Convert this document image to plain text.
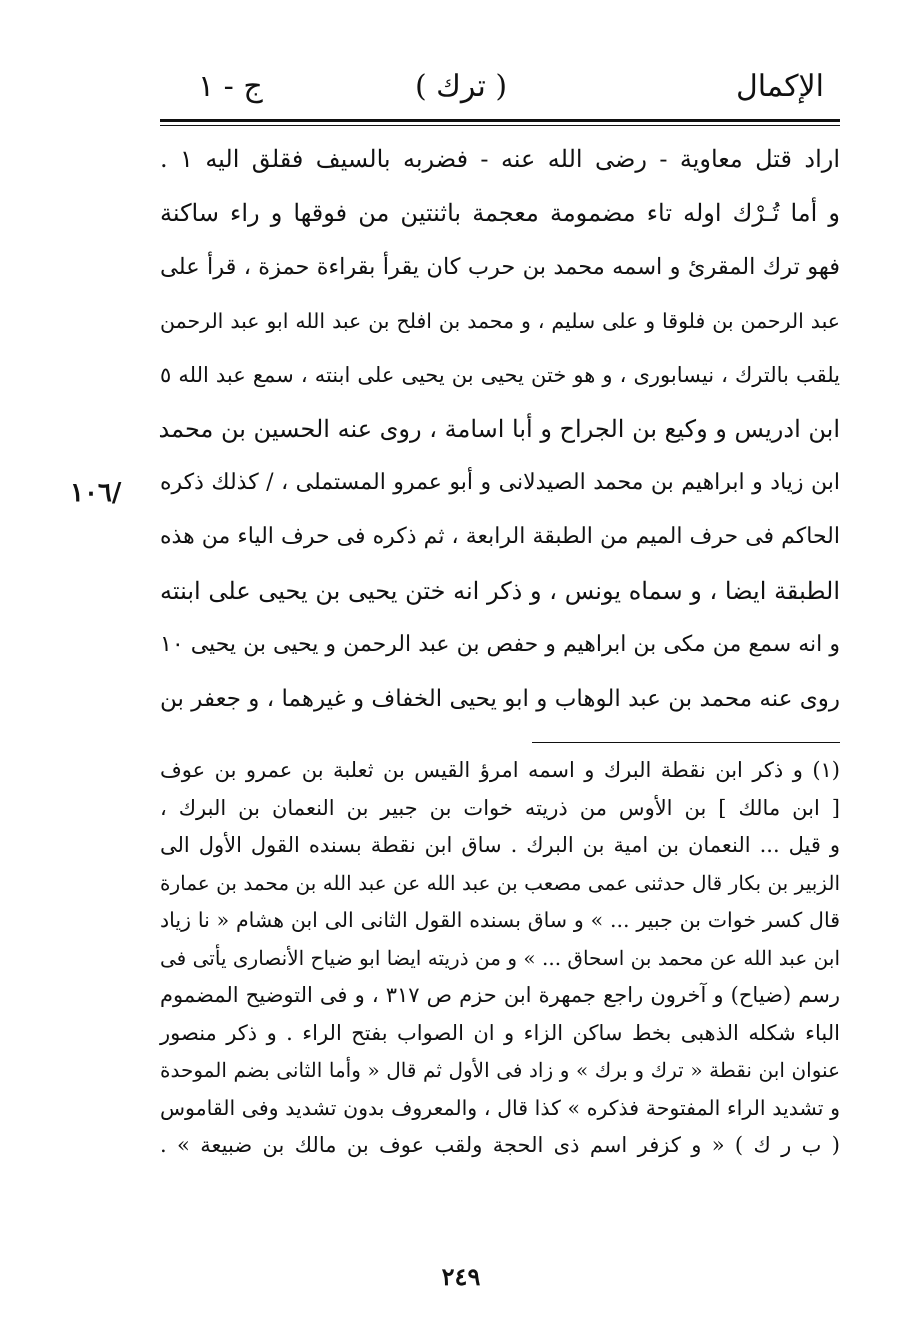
الإكمال
( ترك )
ج - ١
١٠٦/
اراد قتل معاوية - رضى الله عنه - فضربه بالسيف فقلق اليه ١ .
و أما تُـرْك اوله تاء مضمومة معجمة باثنتين من فوقها و راء ساكنة
فهو ترك المقرئ و اسمه محمد بن حرب كان يقرأ بقراءة حمزة ، قرأ على
عبد الرحمن بن فلوقا و على سليم ، و محمد بن افلح بن عبد الله ابو عبد الرحمن
يلقب بالترك ، نيسابورى ، و هو ختن يحيى بن يحيى على ابنته ، سمع عبد الله ٥
ابن ادريس و وكيع بن الجراح و أبا اسامة ، روى عنه الحسين بن محمد
ابن زياد و ابراهيم بن محمد الصيدلانى و أبو عمرو المستملى ، / كذلك ذكره
الحاكم فى حرف الميم من الطبقة الرابعة ، ثم ذكره فى حرف الياء من هذه
الطبقة ايضا ، و سماه يونس ، و ذكر انه ختن يحيى بن يحيى على ابنته
و انه سمع من مكى بن ابراهيم و حفص بن عبد الرحمن و يحيى بن يحيى ١٠
روى عنه محمد بن عبد الوهاب و ابو يحيى الخفاف و غيرهما ، و جعفر بن
(١) و ذكر ابن نقطة البرك و اسمه امرؤ القيس بن ثعلبة بن عمرو بن عوف
[ ابن مالك ] بن الأوس من ذريته خوات بن جبير بن النعمان بن البرك ،
و قيل ... النعمان بن امية بن البرك . ساق ابن نقطة بسنده القول الأول الى
الزبير بن بكار قال حدثنى عمى مصعب بن عبد الله عن عبد الله بن محمد بن عمارة
قال كسر خوات بن جبير ... » و ساق بسنده القول الثانى الى ابن هشام « نا زياد
ابن عبد الله عن محمد بن اسحاق ... » و من ذريته ايضا ابو ضياح الأنصارى يأتى فى
رسم (ضياح) و آخرون راجع جمهرة ابن حزم ص ٣١٧ ، و فى التوضيح المضموم
الباء شكله الذهبى بخط ساكن الزاء و ان الصواب بفتح الراء . و ذكر منصور
عنوان ابن نقطة « ترك و برك » و زاد فى الأول ثم قال « وأما الثانى بضم الموحدة
و تشديد الراء المفتوحة فذكره » كذا قال ، والمعروف بدون تشديد وفى القاموس
( ب ر ك ) « و كزفر اسم ذى الحجة ولقب عوف بن مالك بن ضبيعة » .
٢٤٩
